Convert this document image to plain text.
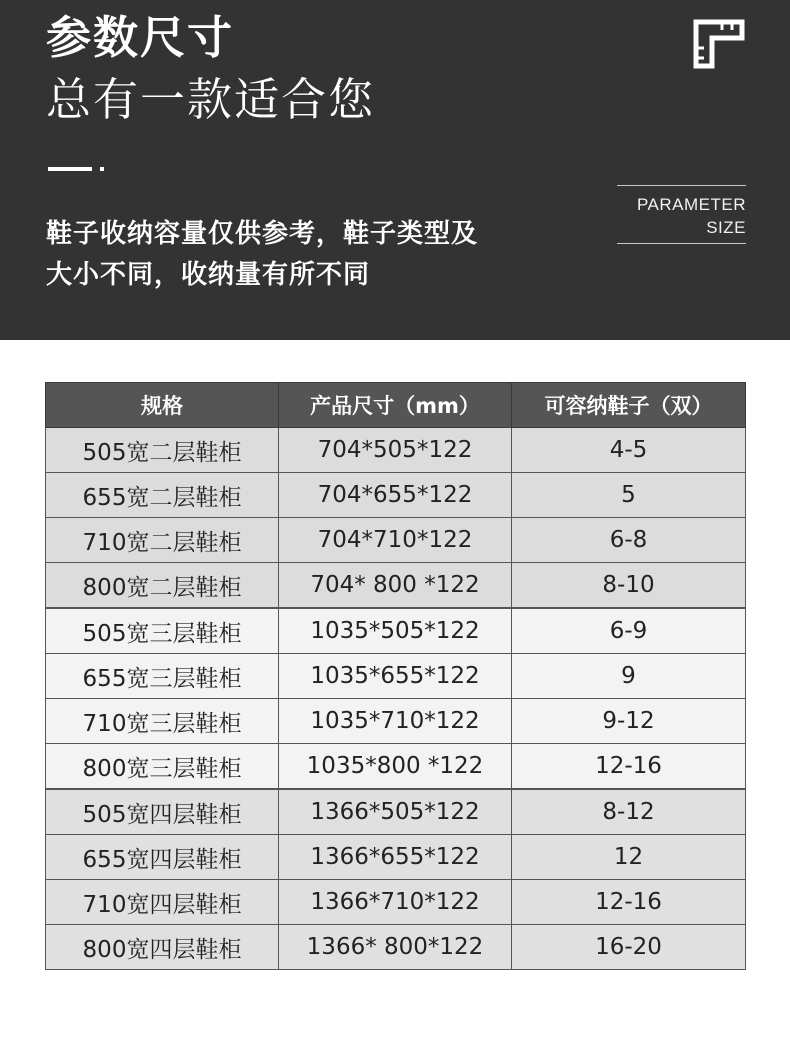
参数尺寸
总有一款适合您
鞋子收纳容量仅供参考，鞋子类型及
大小不同，收纳量有所不同
PARAMETER
SIZE
规格	产品尺寸（mm）	可容纳鞋子（双）
505宽二层鞋柜	704*505*122	4-5
655宽二层鞋柜	704*655*122	5
710宽二层鞋柜	704*710*122	6-8
800宽二层鞋柜	704* 800 *122	8-10
505宽三层鞋柜	1035*505*122	6-9
655宽三层鞋柜	1035*655*122	9
710宽三层鞋柜	1035*710*122	9-12
800宽三层鞋柜	1035*800 *122	12-16
505宽四层鞋柜	1366*505*122	8-12
655宽四层鞋柜	1366*655*122	12
710宽四层鞋柜	1366*710*122	12-16
800宽四层鞋柜	1366* 800*122	16-20
